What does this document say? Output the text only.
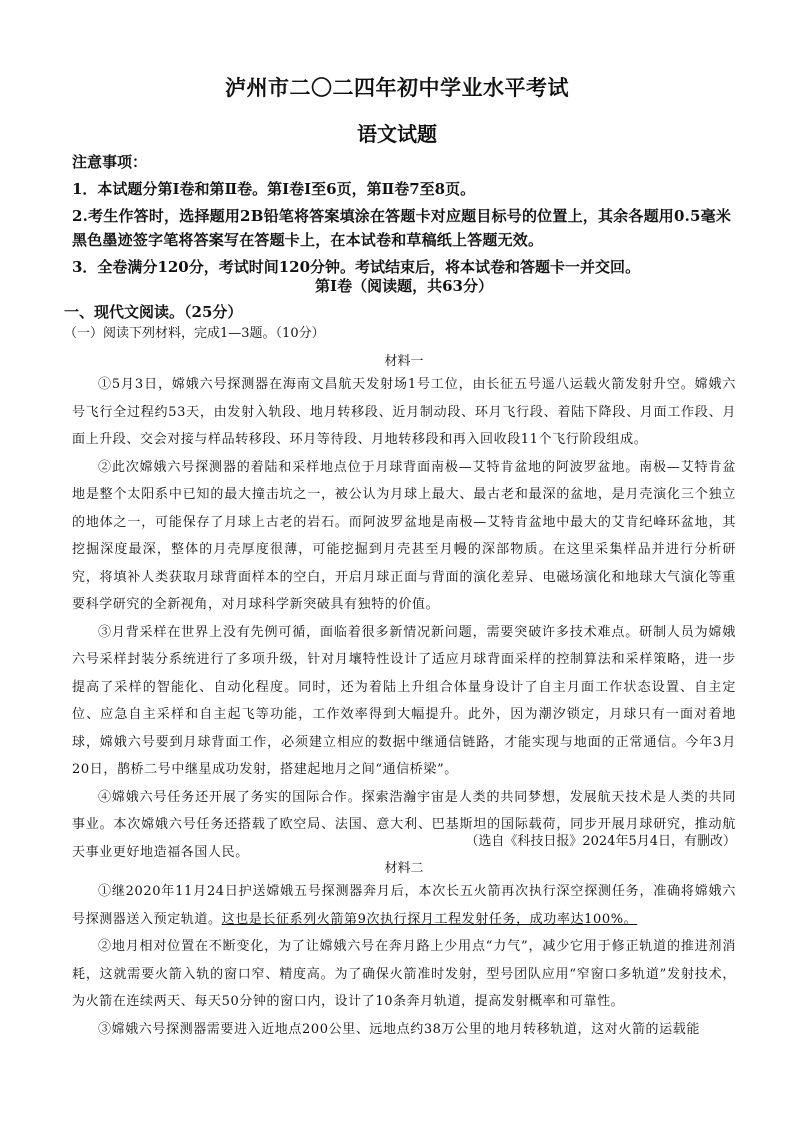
泸州市二〇二四年初中学业水平考试
语文试题

注意事项：

1．本试题分第Ⅰ卷和第Ⅱ卷。第Ⅰ卷Ⅰ至6页，第Ⅱ卷7至8页。

2.考生作答时，选择题用2B铅笔将答案填涂在答题卡对应题目标号的位置上，其余各题用0.5毫米黑色墨迹签字笔将答案写在答题卡上，在本试卷和草稿纸上答题无效。

3．全卷满分120分，考试时间120分钟。考试结束后，将本试卷和答题卡一并交回。

第Ⅰ卷（阅读题，共63分）
一、现代文阅读。（25分）
（一）阅读下列材料，完成1—3题。（10分）
材料一

①5月3日，嫦娥六号探测器在海南文昌航天发射场1号工位，由长征五号遥八运载火箭发射升空。嫦娥六号飞行全过程约53天，由发射入轨段、地月转移段、近月制动段、环月飞行段、着陆下降段、月面工作段、月面上升段、交会对接与样品转移段、环月等待段、月地转移段和再入回收段11个飞行阶段组成。

②此次嫦娥六号探测器的着陆和采样地点位于月球背面南极—艾特肯盆地的阿波罗盆地。南极—艾特肯盆地是整个太阳系中已知的最大撞击坑之一，被公认为月球上最大、最古老和最深的盆地，是月壳演化三个独立的地体之一，可能保存了月球上古老的岩石。而阿波罗盆地是南极—艾特肯盆地中最大的艾肯纪峰环盆地，其挖掘深度最深，整体的月壳厚度很薄，可能挖掘到月壳甚至月幔的深部物质。在这里采集样品并进行分析研究，将填补人类获取月球背面样本的空白，开启月球正面与背面的演化差异、电磁场演化和地球大气演化等重要科学研究的全新视角，对月球科学新突破具有独特的价值。

③月背采样在世界上没有先例可循，面临着很多新情况新问题，需要突破许多技术难点。研制人员为嫦娥六号采样封装分系统进行了多项升级，针对月壤特性设计了适应月球背面采样的控制算法和采样策略，进一步提高了采样的智能化、自动化程度。同时，还为着陆上升组合体量身设计了自主月面工作状态设置、自主定位、应急自主采样和自主起飞等功能，工作效率得到大幅提升。此外，因为潮汐锁定，月球只有一面对着地球，嫦娥六号要到月球背面工作，必须建立相应的数据中继通信链路，才能实现与地面的正常通信。今年3月20日，鹊桥二号中继星成功发射，搭建起地月之间“通信桥梁”。

④嫦娥六号任务还开展了务实的国际合作。探索浩瀚宇宙是人类的共同梦想，发展航天技术是人类的共同事业。本次嫦娥六号任务还搭载了欧空局、法国、意大利、巴基斯坦的国际载荷，同步开展月球研究，推动航天事业更好地造福各国人民。

（选自《科技日报》2024年5月4日，有删改）
材料二

①继2020年11月24日护送嫦娥五号探测器奔月后，本次长五火箭再次执行深空探测任务，准确将嫦娥六号探测器送入预定轨道。这也是长征系列火箭第9次执行探月工程发射任务，成功率达100%。

②地月相对位置在不断变化，为了让嫦娥六号在奔月路上少用点“力气”，减少它用于修正轨道的推进剂消耗，这就需要火箭入轨的窗口窄、精度高。为了确保火箭准时发射，型号团队应用“窄窗口多轨道”发射技术，为火箭在连续两天、每天50分钟的窗口内，设计了10条奔月轨道，提高发射概率和可靠性。

③嫦娥六号探测器需要进入近地点200公里、远地点约38万公里的地月转移轨道，这对火箭的运载能
